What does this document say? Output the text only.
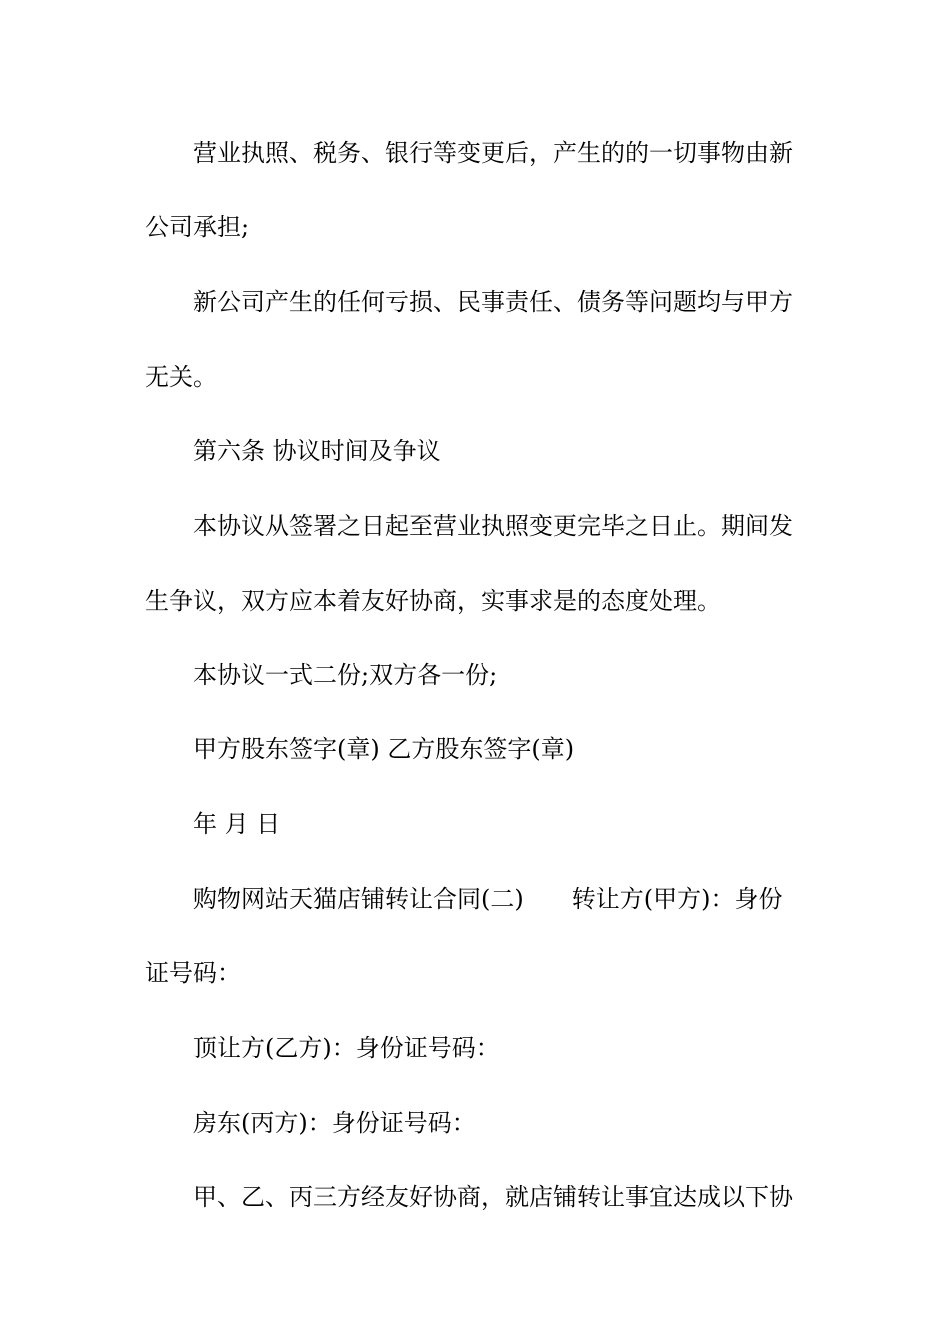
营业执照、税务、银行等变更后，产生的的一切事物由新
公司承担;
新公司产生的任何亏损、民事责任、债务等问题均与甲方
无关。
第六条 协议时间及争议
本协议从签署之日起至营业执照变更完毕之日止。期间发
生争议，双方应本着友好协商，实事求是的态度处理。
本协议一式二份;双方各一份;
甲方股东签字(章) 乙方股东签字(章)
年 月 日
购物网站天猫店铺转让合同(二) 转让方(甲方)：身份
证号码：
顶让方(乙方)：身份证号码：
房东(丙方)：身份证号码：
甲、乙、丙三方经友好协商，就店铺转让事宜达成以下协
